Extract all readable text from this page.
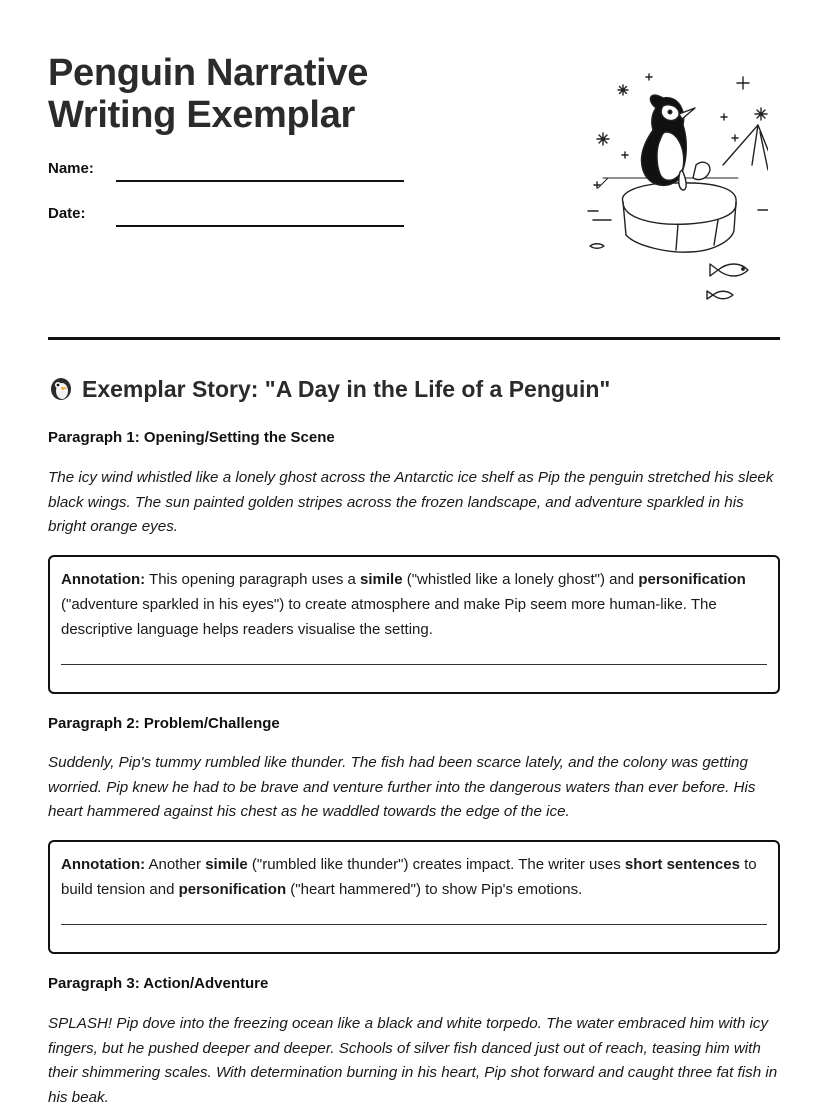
Penguin Narrative Writing Exemplar
Name:
Date:
Exemplar Story: "A Day in the Life of a Penguin"
Paragraph 1: Opening/Setting the Scene

The icy wind whistled like a lonely ghost across the Antarctic ice shelf as Pip the penguin stretched his sleek black wings. The sun painted golden stripes across the frozen landscape, and adventure sparkled in his bright orange eyes.

Annotation: This opening paragraph uses a simile ("whistled like a lonely ghost") and personification ("adventure sparkled in his eyes") to create atmosphere and make Pip seem more human-like. The descriptive language helps readers visualise the setting.
Paragraph 2: Problem/Challenge

Suddenly, Pip's tummy rumbled like thunder. The fish had been scarce lately, and the colony was getting worried. Pip knew he had to be brave and venture further into the dangerous waters than ever before. His heart hammered against his chest as he waddled towards the edge of the ice.

Annotation: Another simile ("rumbled like thunder") creates impact. The writer uses short sentences to build tension and personification ("heart hammered") to show Pip's emotions.
Paragraph 3: Action/Adventure

SPLASH! Pip dove into the freezing ocean like a black and white torpedo. The water embraced him with icy fingers, but he pushed deeper and deeper. Schools of silver fish danced just out of reach, teasing him with their shimmering scales. With determination burning in his heart, Pip shot forward and caught three fat fish in his beak.
